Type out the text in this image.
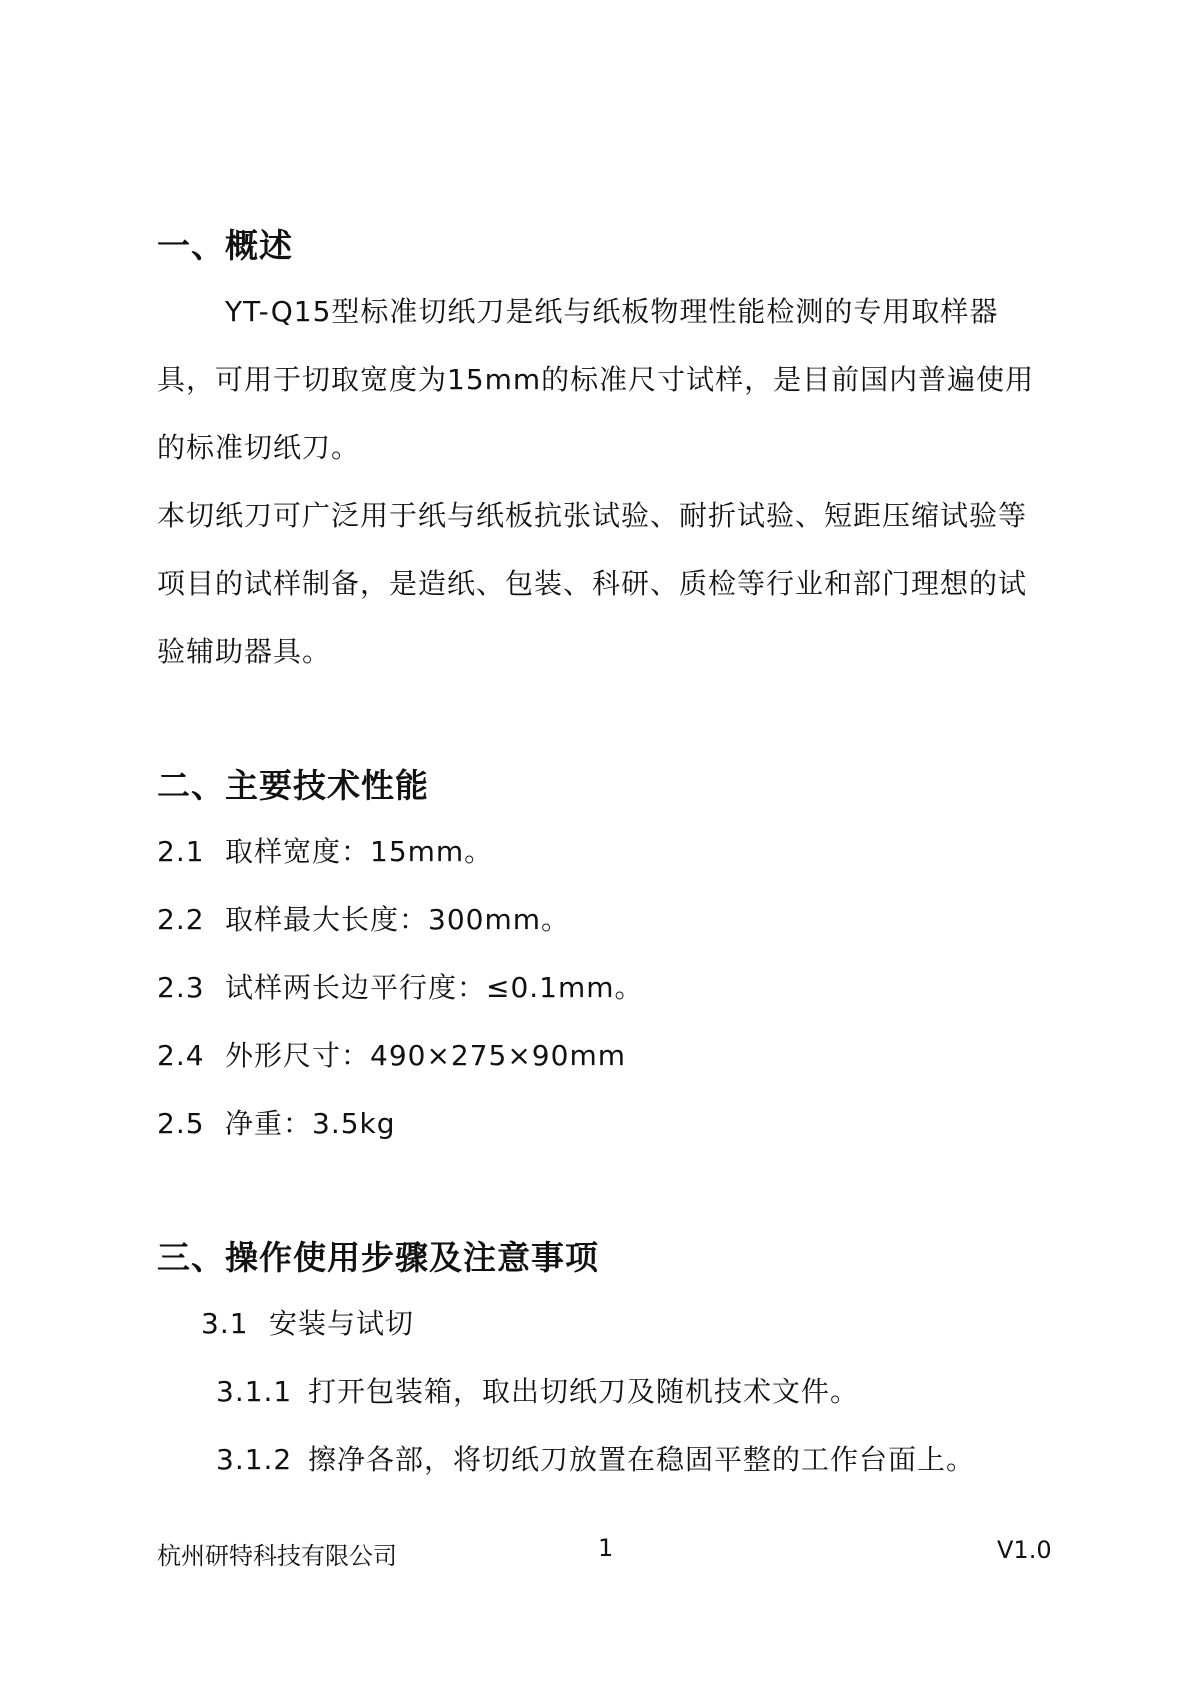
一、概述
YT-Q15型标准切纸刀是纸与纸板物理性能检测的专用取样器
具，可用于切取宽度为15mm的标准尺寸试样，是目前国内普遍使用
的标准切纸刀。
本切纸刀可广泛用于纸与纸板抗张试验、耐折试验、短距压缩试验等
项目的试样制备，是造纸、包装、科研、质检等行业和部门理想的试
验辅助器具。
二、主要技术性能
2.1 取样宽度：15mm。
2.2 取样最大长度：300mm。
2.3 试样两长边平行度：≤0.1mm。
2.4 外形尺寸：490×275×90mm
2.5 净重：3.5kg
三、操作使用步骤及注意事项
3.1 安装与试切
3.1.1 打开包装箱，取出切纸刀及随机技术文件。
3.1.2 擦净各部，将切纸刀放置在稳固平整的工作台面上。
杭州研特科技有限公司	1	V1.0
